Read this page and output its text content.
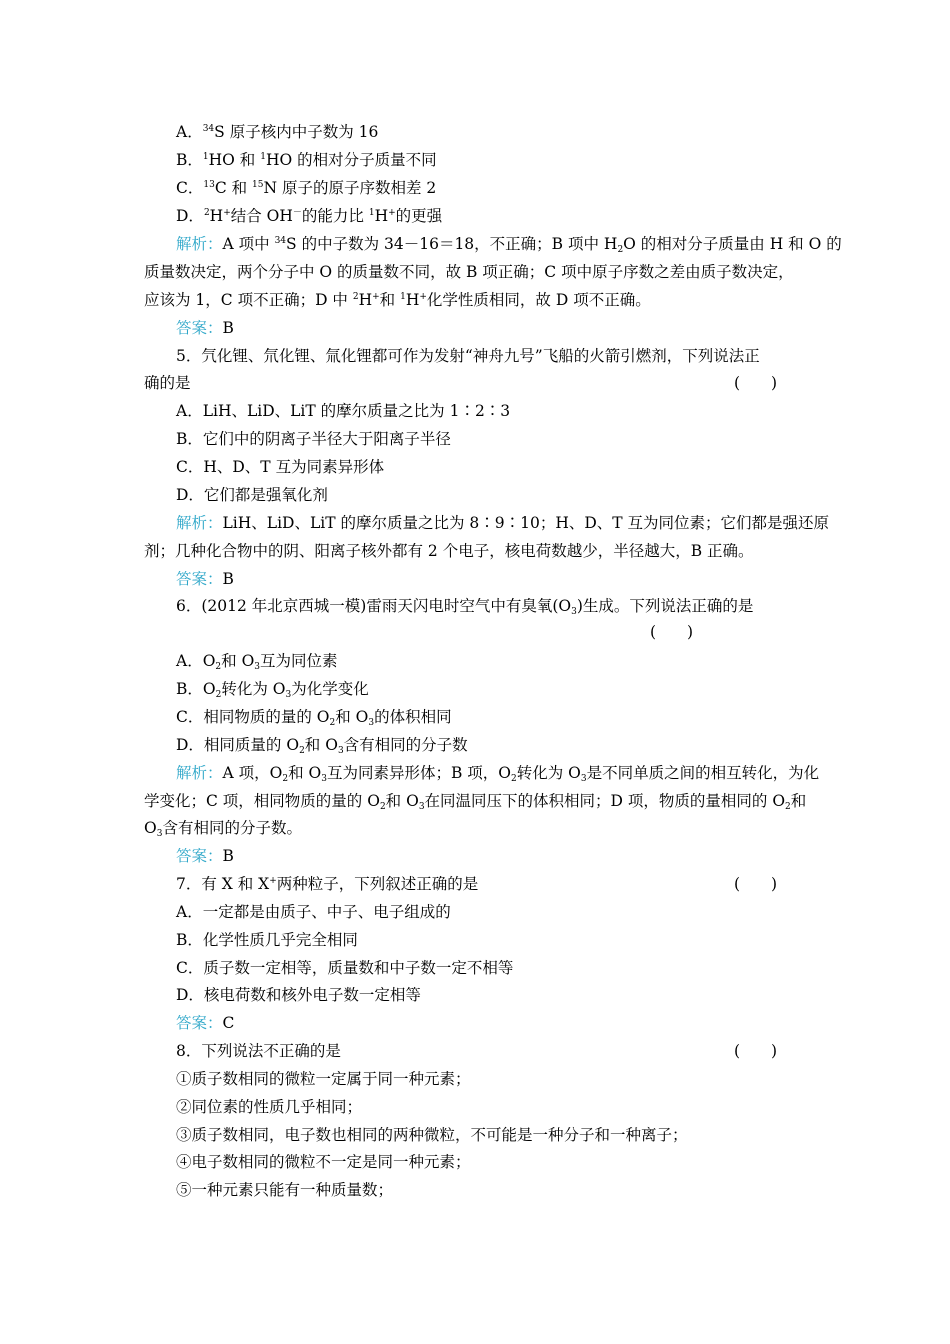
A．$^{34}$S 原子核内中子数为 16
B．$^1$HO 和 $^1$HO 的相对分子质量不同
C．$^{13}$C 和 $^{15}$N 原子的原子序数相差 2
D．$^2$H+结合 OH－的能力比 $^1$H+的更强
解析：A 项中 $^{34}$S 的中子数为 34－16＝18，不正确；B 项中 $H_2O$ 的相对分子质量由 H 和 O 的
质量数决定，两个分子中 O 的质量数不同，故 B 项正确；C 项中原子序数之差由质子数决定，
应该为 1，C 项不正确；D 中 $^2$H+和 $^1$H+化学性质相同，故 D 项不正确。
答案：B
5．氕化锂、氘化锂、氚化锂都可作为发射“神舟九号”飞船的火箭引燃剂，下列说法正
确的是	(　　)
A．LiH、LiD、LiT 的摩尔质量之比为 1∶2∶3
B．它们中的阴离子半径大于阳离子半径
C．H、D、T 互为同素异形体
D．它们都是强氧化剂
解析：LiH、LiD、LiT 的摩尔质量之比为 8∶9∶10；H、D、T 互为同位素；它们都是强还原
剂；几种化合物中的阴、阳离子核外都有 2 个电子，核电荷数越少，半径越大，B 正确。
答案：B
6．(2012 年北京西城一模)雷雨天闪电时空气中有臭氧$(O_3)$生成。下列说法正确的是
(　　)
A．$O_2$和 $O_3$互为同位素
B．$O_2$转化为 $O_3$为化学变化
C．相同物质的量的 $O_2$和 $O_3$的体积相同
D．相同质量的 $O_2$和 $O_3$含有相同的分子数
解析：A 项，$O_2$和 $O_3$互为同素异形体；B 项，$O_2$转化为 $O_3$是不同单质之间的相互转化，为化
学变化；C 项，相同物质的量的 $O_2$和 $O_3$在同温同压下的体积相同；D 项，物质的量相同的 $O_2$和
$O_3$含有相同的分子数。
答案：B
7．有 X 和 X+两种粒子，下列叙述正确的是	(　　)
A．一定都是由质子、中子、电子组成的
B．化学性质几乎完全相同
C．质子数一定相等，质量数和中子数一定不相等
D．核电荷数和核外电子数一定相等
答案：C
8．下列说法不正确的是	(　　)
①质子数相同的微粒一定属于同一种元素；
②同位素的性质几乎相同；
③质子数相同，电子数也相同的两种微粒，不可能是一种分子和一种离子；
④电子数相同的微粒不一定是同一种元素；
⑤一种元素只能有一种质量数；
